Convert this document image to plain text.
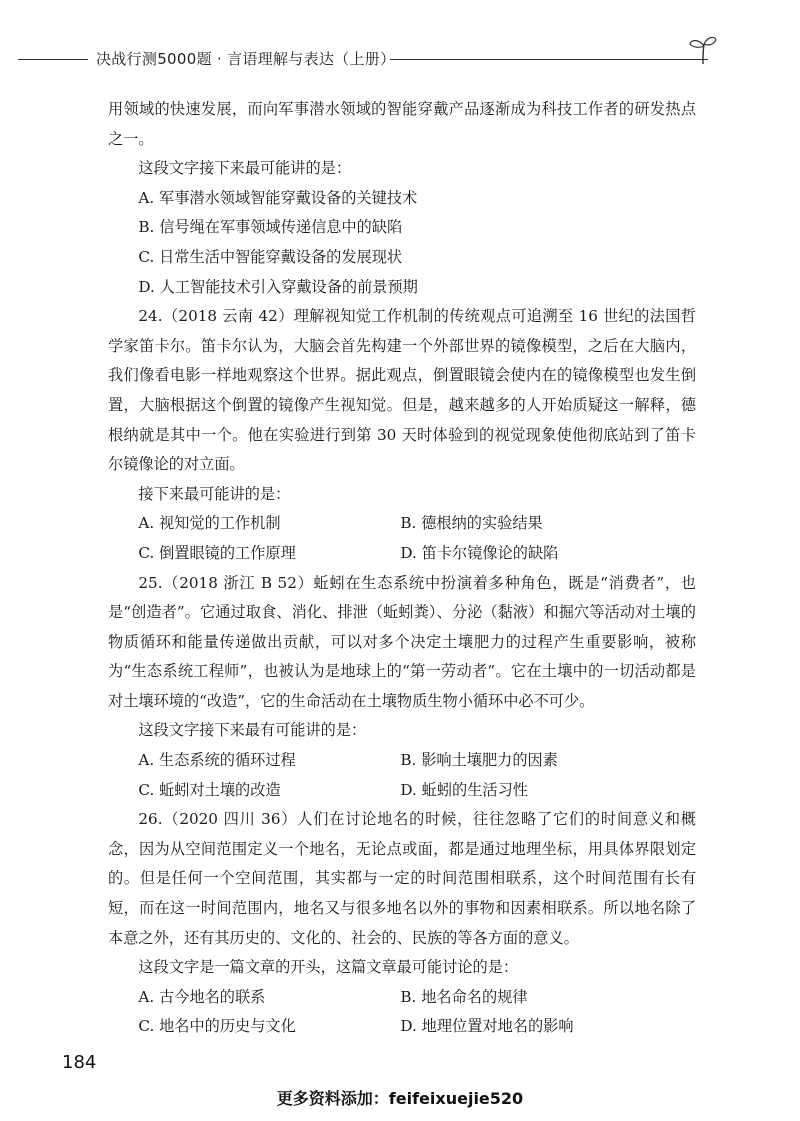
决战行测5000题 · 言语理解与表达（上册）

用领域的快速发展，而向军事潜水领域的智能穿戴产品逐渐成为科技工作者的研发热点之一。

这段文字接下来最可能讲的是：

A. 军事潜水领域智能穿戴设备的关键技术

B. 信号绳在军事领域传递信息中的缺陷

C. 日常生活中智能穿戴设备的发展现状

D. 人工智能技术引入穿戴设备的前景预期

24.（2018 云南 42）理解视知觉工作机制的传统观点可追溯至 16 世纪的法国哲学家笛卡尔。笛卡尔认为，大脑会首先构建一个外部世界的镜像模型，之后在大脑内，我们像看电影一样地观察这个世界。据此观点，倒置眼镜会使内在的镜像模型也发生倒置，大脑根据这个倒置的镜像产生视知觉。但是，越来越多的人开始质疑这一解释，德根纳就是其中一个。他在实验进行到第 30 天时体验到的视觉现象使他彻底站到了笛卡尔镜像论的对立面。

接下来最可能讲的是：

A. 视知觉的工作机制	B. 德根纳的实验结果
C. 倒置眼镜的工作原理	D. 笛卡尔镜像论的缺陷

25.（2018 浙江 B 52）蚯蚓在生态系统中扮演着多种角色，既是“消费者”，也是“创造者”。它通过取食、消化、排泄（蚯蚓粪）、分泌（黏液）和掘穴等活动对土壤的物质循环和能量传递做出贡献，可以对多个决定土壤肥力的过程产生重要影响，被称为“生态系统工程师”，也被认为是地球上的“第一劳动者”。它在土壤中的一切活动都是对土壤环境的“改造”，它的生命活动在土壤物质生物小循环中必不可少。

这段文字接下来最有可能讲的是：

A. 生态系统的循环过程	B. 影响土壤肥力的因素
C. 蚯蚓对土壤的改造	D. 蚯蚓的生活习性

26.（2020 四川 36）人们在讨论地名的时候，往往忽略了它们的时间意义和概念，因为从空间范围定义一个地名，无论点或面，都是通过地理坐标，用具体界限划定的。但是任何一个空间范围，其实都与一定的时间范围相联系，这个时间范围有长有短，而在这一时间范围内，地名又与很多地名以外的事物和因素相联系。所以地名除了本意之外，还有其历史的、文化的、社会的、民族的等各方面的意义。

这段文字是一篇文章的开头，这篇文章最可能讨论的是：

A. 古今地名的联系	B. 地名命名的规律
C. 地名中的历史与文化	D. 地理位置对地名的影响
184
更多资料添加：feifeixuejie520
